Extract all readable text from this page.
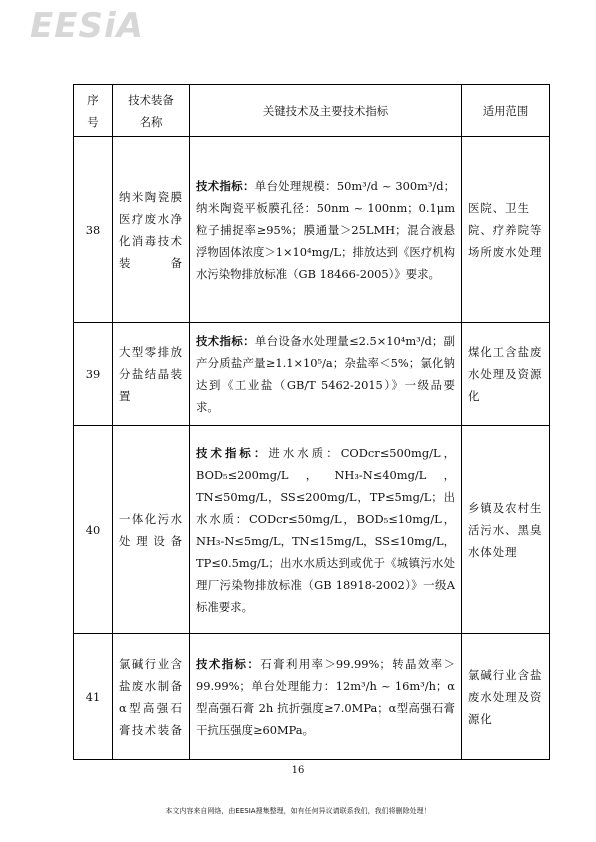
EESiA
序号	技术装备名称	关键技术及主要技术指标	适用范围
38	纳米陶瓷膜医疗废水净化消毒技术装备	技术指标：单台处理规模：50m³/d ~ 300m³/d；纳米陶瓷平板膜孔径：50nm ~ 100nm；0.1μm 粒子捕捉率≥95%；膜通量＞25LMH；混合液悬浮物固体浓度＞1×10⁴mg/L；排放达到《医疗机构水污染物排放标准（GB 18466-2005）》要求。	医院、卫生院、疗养院等场所废水处理
39	大型零排放分盐结晶装置	技术指标：单台设备水处理量≤2.5×10⁴m³/d；副产分质盐产量≥1.1×10⁵/a；杂盐率＜5%；氯化钠达到《工业盐（GB/T 5462-2015）》一级品要求。	煤化工含盐废水处理及资源化
40	一体化污水处理设备	技术指标：进水水质：CODcr≤500mg/L，BOD₅≤200mg/L，NH₃-N≤40mg/L，TN≤50mg/L，SS≤200mg/L，TP≤5mg/L；出水水质：CODcr≤50mg/L，BOD₅≤10mg/L，NH₃-N≤5mg/L，TN≤15mg/L，SS≤10mg/L，TP≤0.5mg/L；出水水质达到或优于《城镇污水处理厂污染物排放标准（GB 18918-2002）》一级A标准要求。	乡镇及农村生活污水、黑臭水体处理
41	氯碱行业含盐废水制备α型高强石膏技术装备	技术指标：石膏利用率＞99.99%；转晶效率＞99.99%；单台处理能力：12m³/h ~ 16m³/h；α型高强石膏 2h 抗折强度≥7.0MPa；α型高强石膏干抗压强度≥60MPa。	氯碱行业含盐废水处理及资源化
16
本文内容来自网络，由EESIA搜集整理，如有任何异议请联系我们，我们将删除处理！
